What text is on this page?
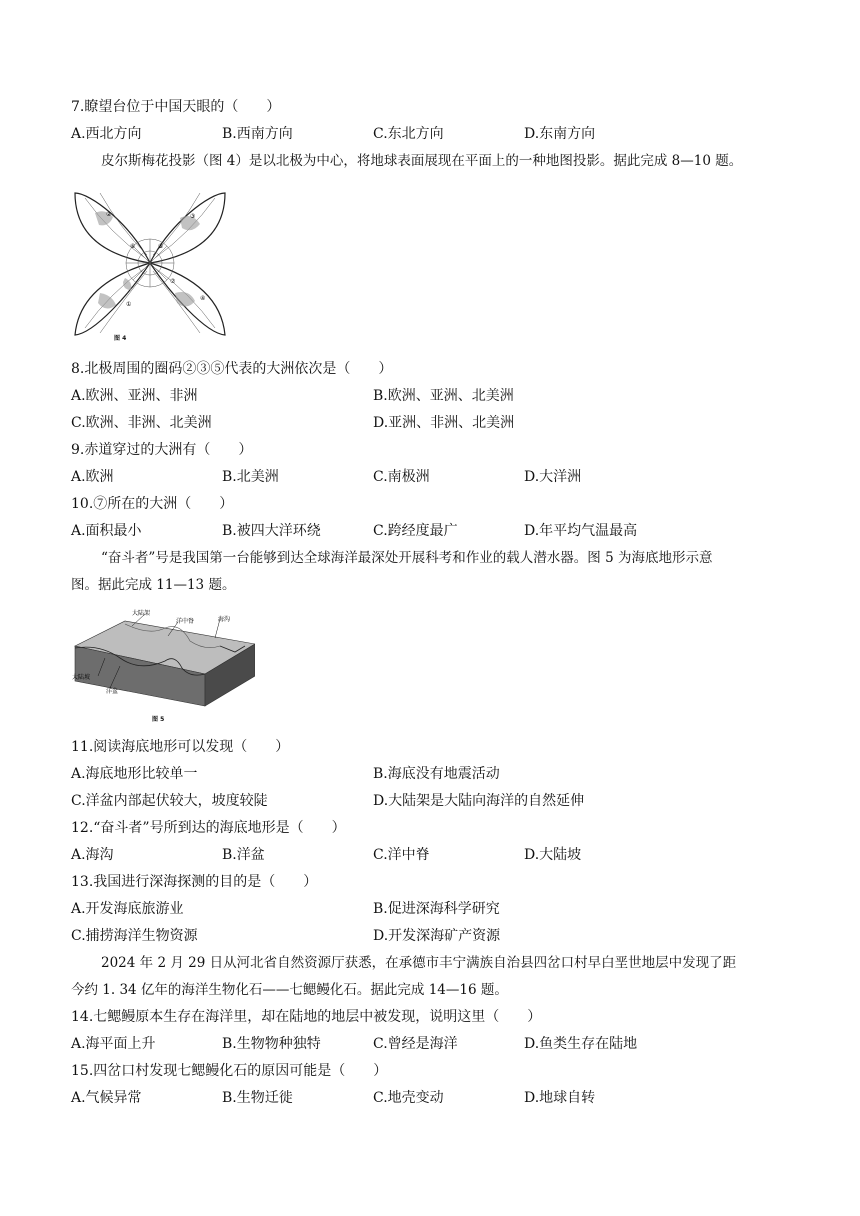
7.瞭望台位于中国天眼的（　　）
A.西北方向	B.西南方向	C.东北方向	D.东南方向
皮尔斯梅花投影（图 4）是以北极为中心，将地球表面展现在平面上的一种地图投影。据此完成 8—10 题。
①
②	③
④
⑤
⑥
⑦
图 4
8.北极周围的圈码②③⑤代表的大洲依次是（　　）
A.欧洲、亚洲、非洲	B.欧洲、亚洲、北美洲
C.欧洲、非洲、北美洲	D.亚洲、非洲、北美洲
9.赤道穿过的大洲有（　　）
A.欧洲	B.北美洲	C.南极洲	D.大洋洲
10.⑦所在的大洲（　　）
A.面积最小	B.被四大洋环绕	C.跨经度最广	D.年平均气温最高
“奋斗者”号是我国第一台能够到达全球海洋最深处开展科考和作业的载人潜水器。图 5 为海底地形示意
图。据此完成 11—13 题。
大陆架
洋中脊	海沟
大陆坡
洋盆
图 5
11.阅读海底地形可以发现（　　）
A.海底地形比较单一	B.海底没有地震活动
C.洋盆内部起伏较大，坡度较陡	D.大陆架是大陆向海洋的自然延伸
12.“奋斗者”号所到达的海底地形是（　　）
A.海沟	B.洋盆	C.洋中脊	D.大陆坡
13.我国进行深海探测的目的是（　　）
A.开发海底旅游业	B.促进深海科学研究
C.捕捞海洋生物资源	D.开发深海矿产资源
2024 年 2 月 29 日从河北省自然资源厅获悉，在承德市丰宁满族自治县四岔口村早白垩世地层中发现了距
今约 1. 34 亿年的海洋生物化石——七鳃鳗化石。据此完成 14—16 题。
14.七鳃鳗原本生存在海洋里，却在陆地的地层中被发现，说明这里（　　）
A.海平面上升	B.生物物种独特	C.曾经是海洋	D.鱼类生存在陆地
15.四岔口村发现七鳃鳗化石的原因可能是（　　）
A.气候异常	B.生物迁徙	C.地壳变动	D.地球自转
